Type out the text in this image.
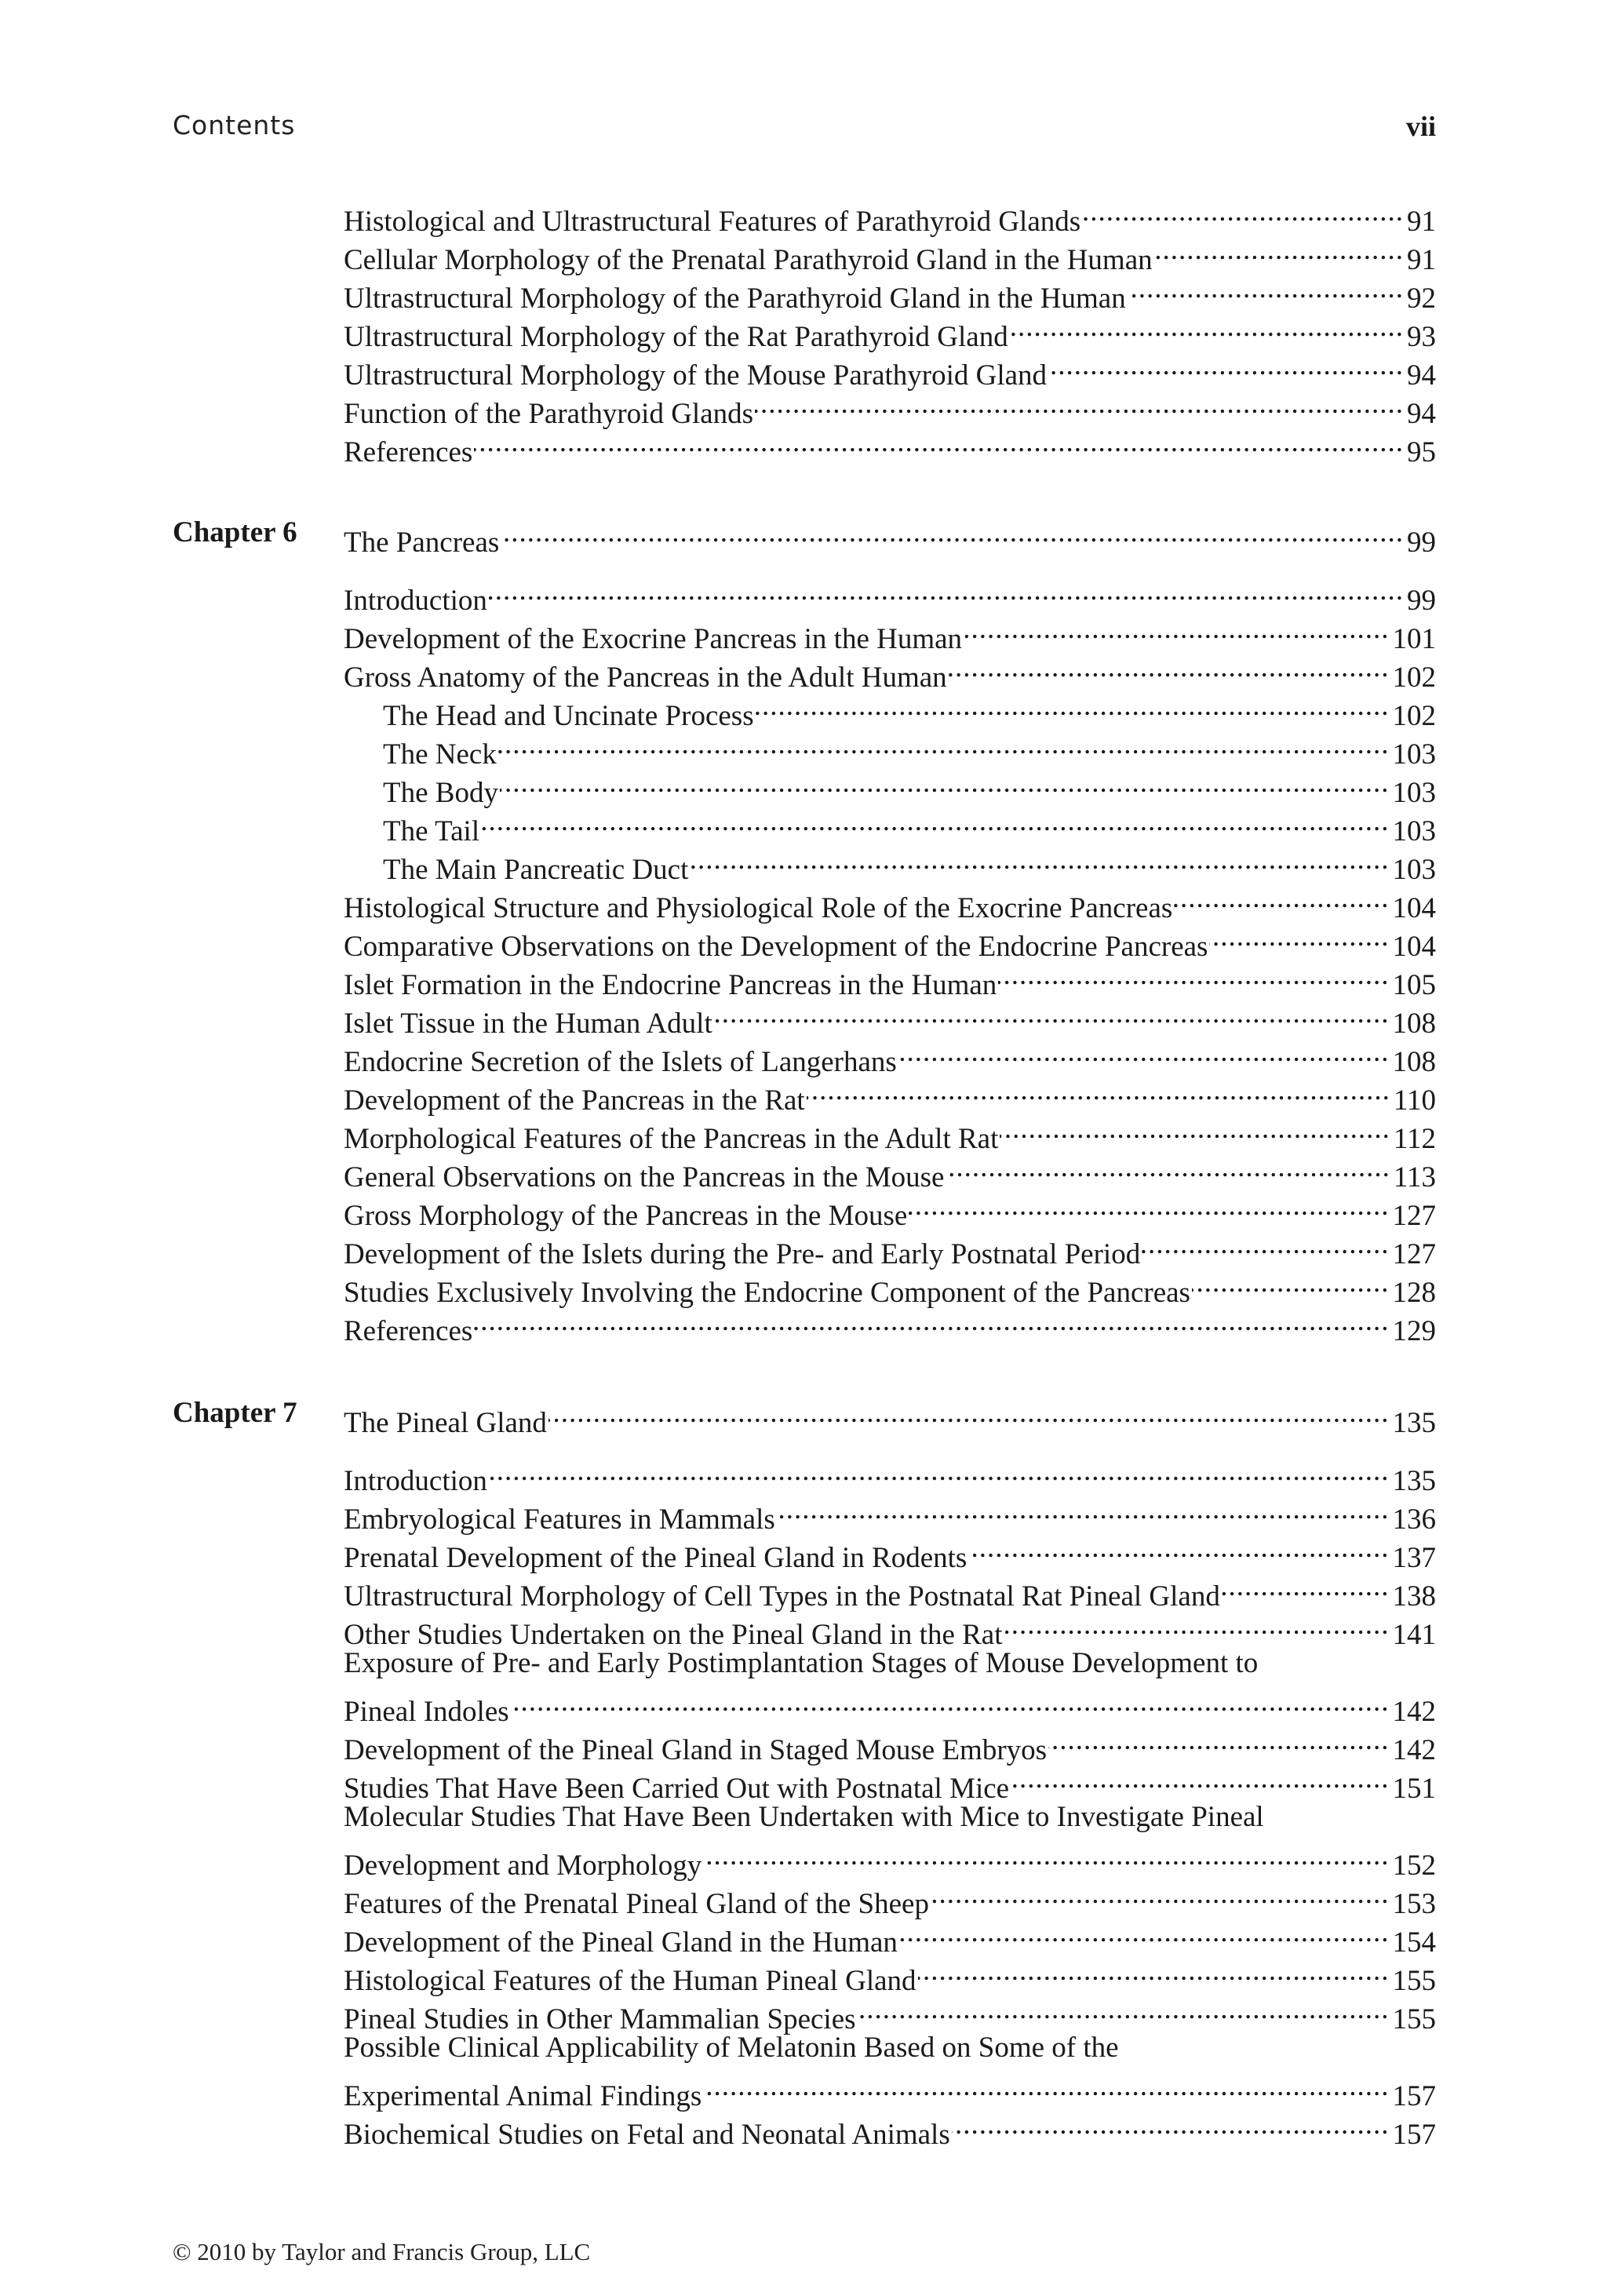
Contents	vii
Histological and Ultrastructural Features of Parathyroid Glands .....	91
Cellular Morphology of the Prenatal Parathyroid Gland in the Human .....	91
Ultrastructural Morphology of the Parathyroid Gland in the Human .....	92
Ultrastructural Morphology of the Rat Parathyroid Gland .....	93
Ultrastructural Morphology of the Mouse Parathyroid Gland .....	94
Function of the Parathyroid Glands .....	94
References .....	95
Chapter 6 The Pancreas .....	99
Introduction .....	99
Development of the Exocrine Pancreas in the Human .....	101
Gross Anatomy of the Pancreas in the Adult Human .....	102
The Head and Uncinate Process .....	102
The Neck .....	103
The Body .....	103
The Tail .....	103
The Main Pancreatic Duct .....	103
Histological Structure and Physiological Role of the Exocrine Pancreas .....	104
Comparative Observations on the Development of the Endocrine Pancreas .....	104
Islet Formation in the Endocrine Pancreas in the Human .....	105
Islet Tissue in the Human Adult .....	108
Endocrine Secretion of the Islets of Langerhans .....	108
Development of the Pancreas in the Rat .....	110
Morphological Features of the Pancreas in the Adult Rat .....	112
General Observations on the Pancreas in the Mouse .....	113
Gross Morphology of the Pancreas in the Mouse .....	127
Development of the Islets during the Pre- and Early Postnatal Period .....	127
Studies Exclusively Involving the Endocrine Component of the Pancreas .....	128
References .....	129
Chapter 7 The Pineal Gland .....	135
Introduction .....	135
Embryological Features in Mammals .....	136
Prenatal Development of the Pineal Gland in Rodents .....	137
Ultrastructural Morphology of Cell Types in the Postnatal Rat Pineal Gland .....	138
Other Studies Undertaken on the Pineal Gland in the Rat .....	141
Exposure of Pre- and Early Postimplantation Stages of Mouse Development to
Pineal Indoles .....	142
Development of the Pineal Gland in Staged Mouse Embryos .....	142
Studies That Have Been Carried Out with Postnatal Mice .....	151
Molecular Studies That Have Been Undertaken with Mice to Investigate Pineal
Development and Morphology .....	152
Features of the Prenatal Pineal Gland of the Sheep .....	153
Development of the Pineal Gland in the Human .....	154
Histological Features of the Human Pineal Gland .....	155
Pineal Studies in Other Mammalian Species .....	155
Possible Clinical Applicability of Melatonin Based on Some of the
Experimental Animal Findings .....	157
Biochemical Studies on Fetal and Neonatal Animals .....	157
© 2010 by Taylor and Francis Group, LLC
